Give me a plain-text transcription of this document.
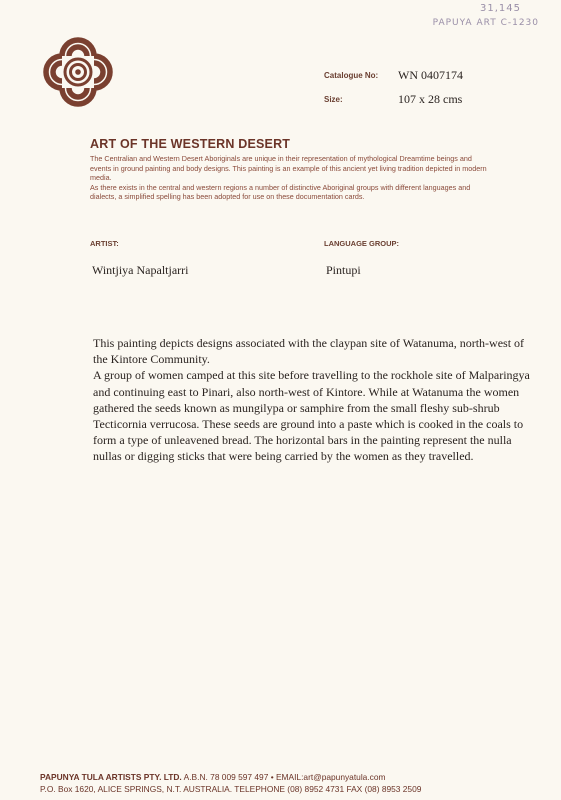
31,145
PAPUYA ART C-1230
Catalogue No: WN 0407174
Size:	107 x 28 cms
ART OF THE WESTERN DESERT

The Centralian and Western Desert Aboriginals are unique in their representation of mythological Dreamtime beings and events in ground painting and body designs. This painting is an example of this ancient yet living tradition depicted in modern media.

As there exists in the central and western regions a number of distinctive Aboriginal groups with different languages and dialects, a simplified spelling has been adopted for use on these documentation cards.

ARTIST:
Wintjiya Napaltjarri
LANGUAGE GROUP:
Pintupi

This painting depicts designs associated with the claypan site of Watanuma, north-west of the Kintore Community.

A group of women camped at this site before travelling to the rockhole site of Malparingya and continuing east to Pinari, also north-west of Kintore. While at Watanuma the women gathered the seeds known as mungilypa or samphire from the small fleshy sub-shrub Tecticornia verrucosa. These seeds are ground into a paste which is cooked in the coals to form a type of unleavened bread. The horizontal bars in the painting represent the nulla nullas or digging sticks that were being carried by the women as they travelled.

PAPUNYA TULA ARTISTS PTY. LTD. A.B.N. 78 009 597 497 • EMAIL:art@papunyatula.com
P.O. Box 1620, ALICE SPRINGS, N.T. AUSTRALIA. TELEPHONE (08) 8952 4731 FAX (08) 8953 2509
